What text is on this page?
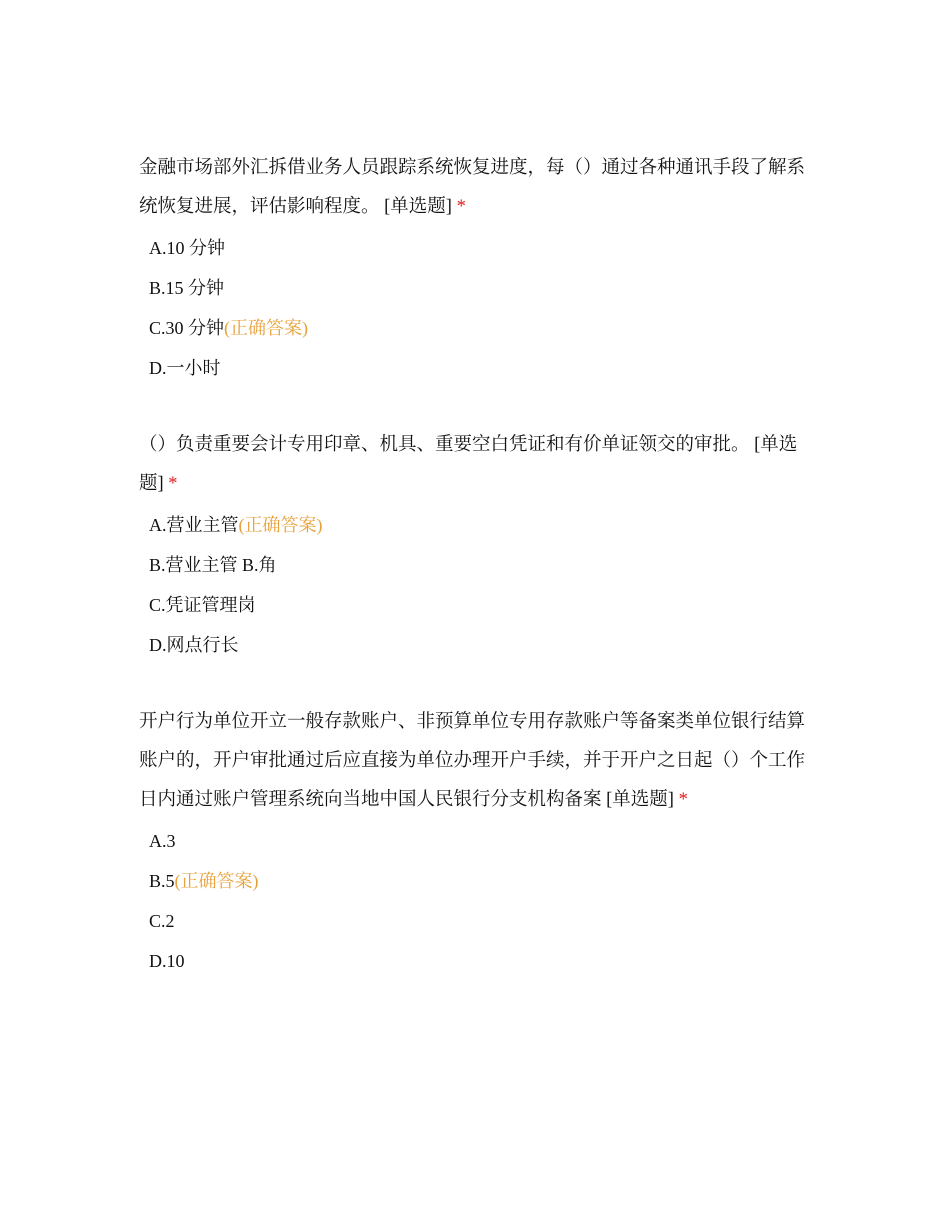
金融市场部外汇拆借业务人员跟踪系统恢复进度，每（）通过各种通讯手段了解系统恢复进展，评估影响程度。 [单选题] *

A.10 分钟
B.15 分钟
C.30 分钟(正确答案)
D.一小时

（）负责重要会计专用印章、机具、重要空白凭证和有价单证领交的审批。 [单选题] *

A.营业主管(正确答案)
B.营业主管 B.角
C.凭证管理岗
D.网点行长

开户行为单位开立一般存款账户、非预算单位专用存款账户等备案类单位银行结算账户的，开户审批通过后应直接为单位办理开户手续，并于开户之日起（）个工作日内通过账户管理系统向当地中国人民银行分支机构备案 [单选题] *

A.3
B.5(正确答案)
C.2
D.10
